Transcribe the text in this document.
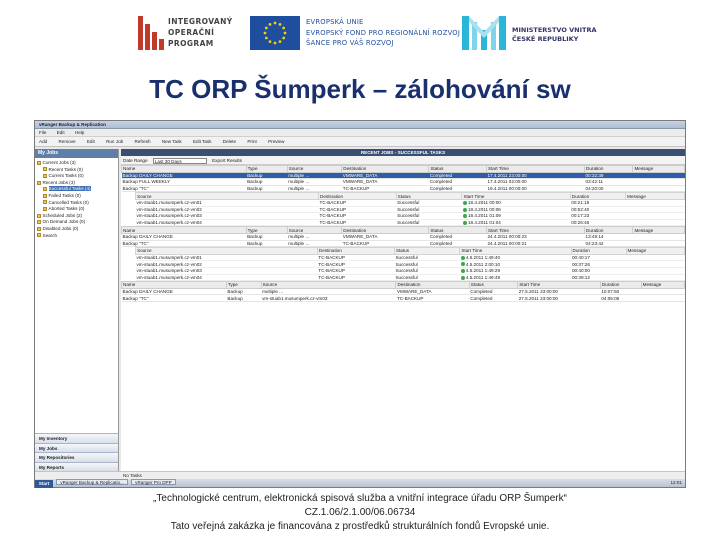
INTEGROVANÝ
OPERAČNÍ
PROGRAM
EVROPSKÁ UNIE
EVROPSKÝ FOND PRO REGIONÁLNÍ ROZVOJ
ŠANCE PRO VÁŠ ROZVOJ
MINISTERSTVO VNITRA
ČESKÉ REPUBLIKY
TC ORP Šumperk – zálohování sw
vRanger Backup & Replication
File Edit Help
Add Remove Edit Run Job Refresh New Task Edit Task Delete Print Preview
My Jobs
Current Jobs (3)
Recent Tasks (0)
Current Tasks (0)
Recent Jobs (3)
Successful Tasks (4)
Failed Tasks (0)
Cancelled Tasks (0)
Aborted Tasks (0)
Scheduled Jobs (2)
On Demand Jobs (0)
Disabled Jobs (0)
Search
My Inventory
My Jobs
My Repositories
My Reports
RECENT JOBS - SUCCESSFUL TASKS
Date Range Last 30 Days	Export Results
Name	Type	Source	Destination	Status	Start Time	Duration	Message
Backup DAILY CHANGE	Backup	multiple ...	VMWARE_DATA	Completed	17.4.2011 23:00:00	00:32:39	
Backup FULL WEEKLY	Backup	multiple ...	VMWARE_DATA	Completed	17.4.2011 02:00:00	03:42:11	
Backup "TC"	Backup	multiple ...	TC-BACKUP	Completed	19.4.2011 00:00:00	04:20:00	
Source	Destination	Status	Start Time	Duration	Message
vm-stuab1.musumperk.cz-vm01	TC-BACKUP	Successful	18.4.2011 00:00	00:21:18	
vm-stuab1.musumperk.cz-vm02	TC-BACKUP	Successful	18.4.2011 00:06	00:52:40	
vm-stuab1.musumperk.cz-vm03	TC-BACKUP	Successful	18.4.2011 01:09	00:17:23	
vm-stuab1.musumperk.cz-vm04	TC-BACKUP	Successful	18.4.2011 01:04	00:26:46	
Name	Type	Source	Destination	Status	Start Time	Duration	Message
Backup DAILY CHANGE	Backup	multiple ...	VMWARE_DATA	Completed	24.4.2011 00:00:23	13:49:14	
Backup "TC"	Backup	multiple ...	TC-BACKUP	Completed	24.4.2011 00:00:21	04:23:42	
Source	Destination	Status	Start Time	Duration	Message
vm-stuab1.musumperk.cz-vm01	TC-BACKUP	Successful	4.5.2011 1:49:40	00:40:17	
vm-stuab1.musumperk.cz-vm02	TC-BACKUP	Successful	4.5.2011 2:00:10	00:37:26	
vm-stuab1.musumperk.cz-vm03	TC-BACKUP	Successful	4.5.2011 1:49:29	00:40:00	
vm-stuab1.musumperk.cz-vm04	TC-BACKUP	Successful	4.5.2011 1:49:49	00:39:12	
Name	Type	Source	Destination	Status	Start Time	Duration	Message
Backup DAILY CHANGE	Backup	multiple ...	VMWARE_DATA	Completed	27.5.2011 23:00:00	10:07:50	
Backup "TC"	Backup	vm-stuab1.musumperk.cz-vm03	TC-BACKUP	Completed	27.5.2011 23:00:00	04:05:08	
No Tasks
Start vRanger Backup & Replicatio... vRanger Pro DPP	12:01
„Technologické centrum, elektronická spisová služba a vnitřní integrace úřadu ORP Šumperk“
CZ.1.06/2.1.00/06.06734
Tato veřejná zakázka je financována z prostředků strukturálních fondů Evropské unie.
